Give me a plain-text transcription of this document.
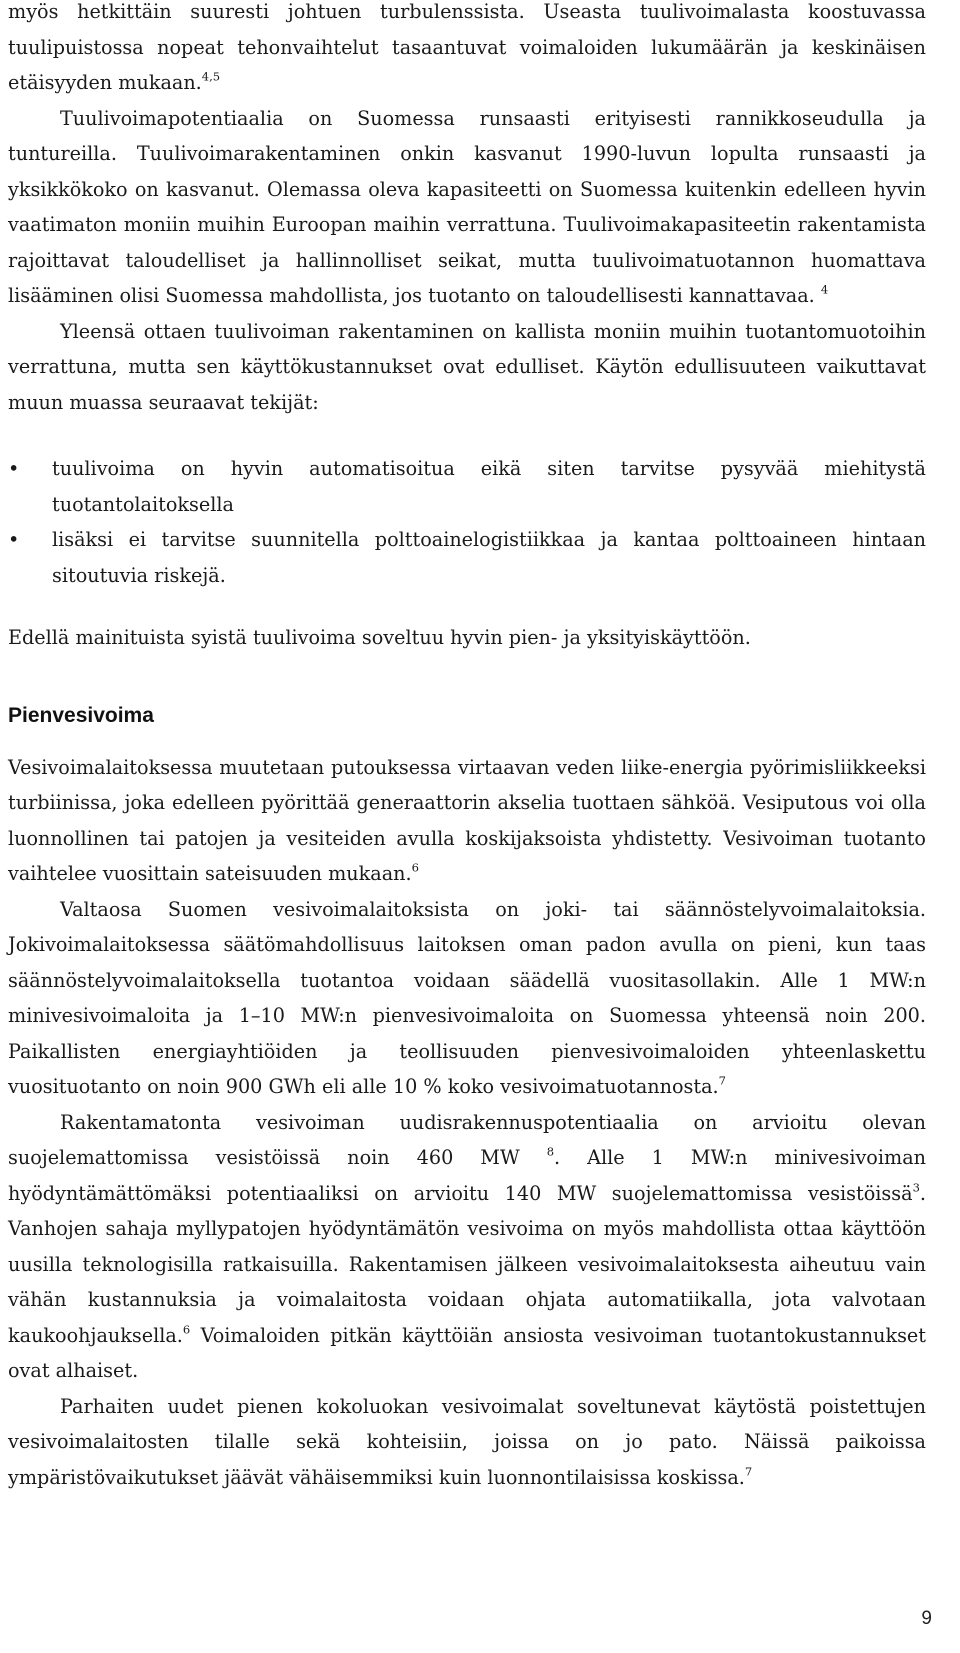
myös hetkittäin suuresti johtuen turbulenssista. Useasta tuulivoimalasta koostuvassa tuulipuistossa nopeat tehonvaihtelut tasaantuvat voimaloiden lukumäärän ja keskinäisen etäisyyden mukaan.$^{4,5}$

Tuulivoimapotentiaalia on Suomessa runsaasti erityisesti rannikkoseudulla ja tuntureilla. Tuulivoimarakentaminen onkin kasvanut 1990-luvun lopulta runsaasti ja yksikkökoko on kasvanut. Olemassa oleva kapasiteetti on Suomessa kuitenkin edelleen hyvin vaatimaton moniin muihin Euroopan maihin verrattuna. Tuulivoimakapasiteetin rakentamista rajoittavat taloudelliset ja hallinnolliset seikat, mutta tuulivoimatuotannon huomattava lisääminen olisi Suomessa mahdollista, jos tuotanto on taloudellisesti kannattavaa. $^4$

Yleensä ottaen tuulivoiman rakentaminen on kallista moniin muihin tuotantomuotoihin verrattuna, mutta sen käyttökustannukset ovat edulliset. Käytön edullisuuteen vaikuttavat muun muassa seuraavat tekijät:

•	tuulivoima on hyvin automatisoitua eikä siten tarvitse pysyvää miehitystä tuotantolaitoksella
•	lisäksi ei tarvitse suunnitella polttoainelogistiikkaa ja kantaa polttoaineen hintaan sitoutuvia riskejä.

Edellä mainituista syistä tuulivoima soveltuu hyvin pien- ja yksityiskäyttöön.

Pienvesivoima

Vesivoimalaitoksessa muutetaan putouksessa virtaavan veden liike-energia pyörimisliikkeeksi turbiinissa, joka edelleen pyörittää generaattorin akselia tuottaen sähköä. Vesiputous voi olla luonnollinen tai patojen ja vesiteiden avulla koskijaksoista yhdistetty. Vesivoiman tuotanto vaihtelee vuosittain sateisuuden mukaan.$^6$

Valtaosa Suomen vesivoimalaitoksista on joki- tai säännöstelyvoimalaitoksia. Jokivoimalaitoksessa säätömahdollisuus laitoksen oman padon avulla on pieni, kun taas säännöstelyvoimalaitoksella tuotantoa voidaan säädellä vuositasollakin. Alle 1 MW:n minivesivoimaloita ja 1–10 MW:n pienvesivoimaloita on Suomessa yhteensä noin 200. Paikallisten energiayhtiöiden ja teollisuuden pienvesivoimaloiden yhteenlaskettu vuosituotanto on noin 900 GWh eli alle 10 % koko vesivoimatuotannosta.$^7$

Rakentamatonta vesivoiman uudisrakennuspotentiaalia on arvioitu olevan suojelemattomissa vesistöissä noin 460 MW $^8$. Alle 1 MW:n minivesivoiman hyödyntämättömäksi potentiaaliksi on arvioitu 140 MW suojelemattomissa vesistöissä$^3$. Vanhojen sahaja myllypatojen hyödyntämätön vesivoima on myös mahdollista ottaa käyttöön uusilla teknologisilla ratkaisuilla. Rakentamisen jälkeen vesivoimalaitoksesta aiheutuu vain vähän kustannuksia ja voimalaitosta voidaan ohjata automatiikalla, jota valvotaan kaukoohjauksella.$^6$ Voimaloiden pitkän käyttöiän ansiosta vesivoiman tuotantokustannukset ovat alhaiset.

Parhaiten uudet pienen kokoluokan vesivoimalat soveltunevat käytöstä poistettujen vesivoimalaitosten tilalle sekä kohteisiin, joissa on jo pato. Näissä paikoissa ympäristövaikutukset jäävät vähäisemmiksi kuin luonnontilaisissa koskissa.$^7$

9
